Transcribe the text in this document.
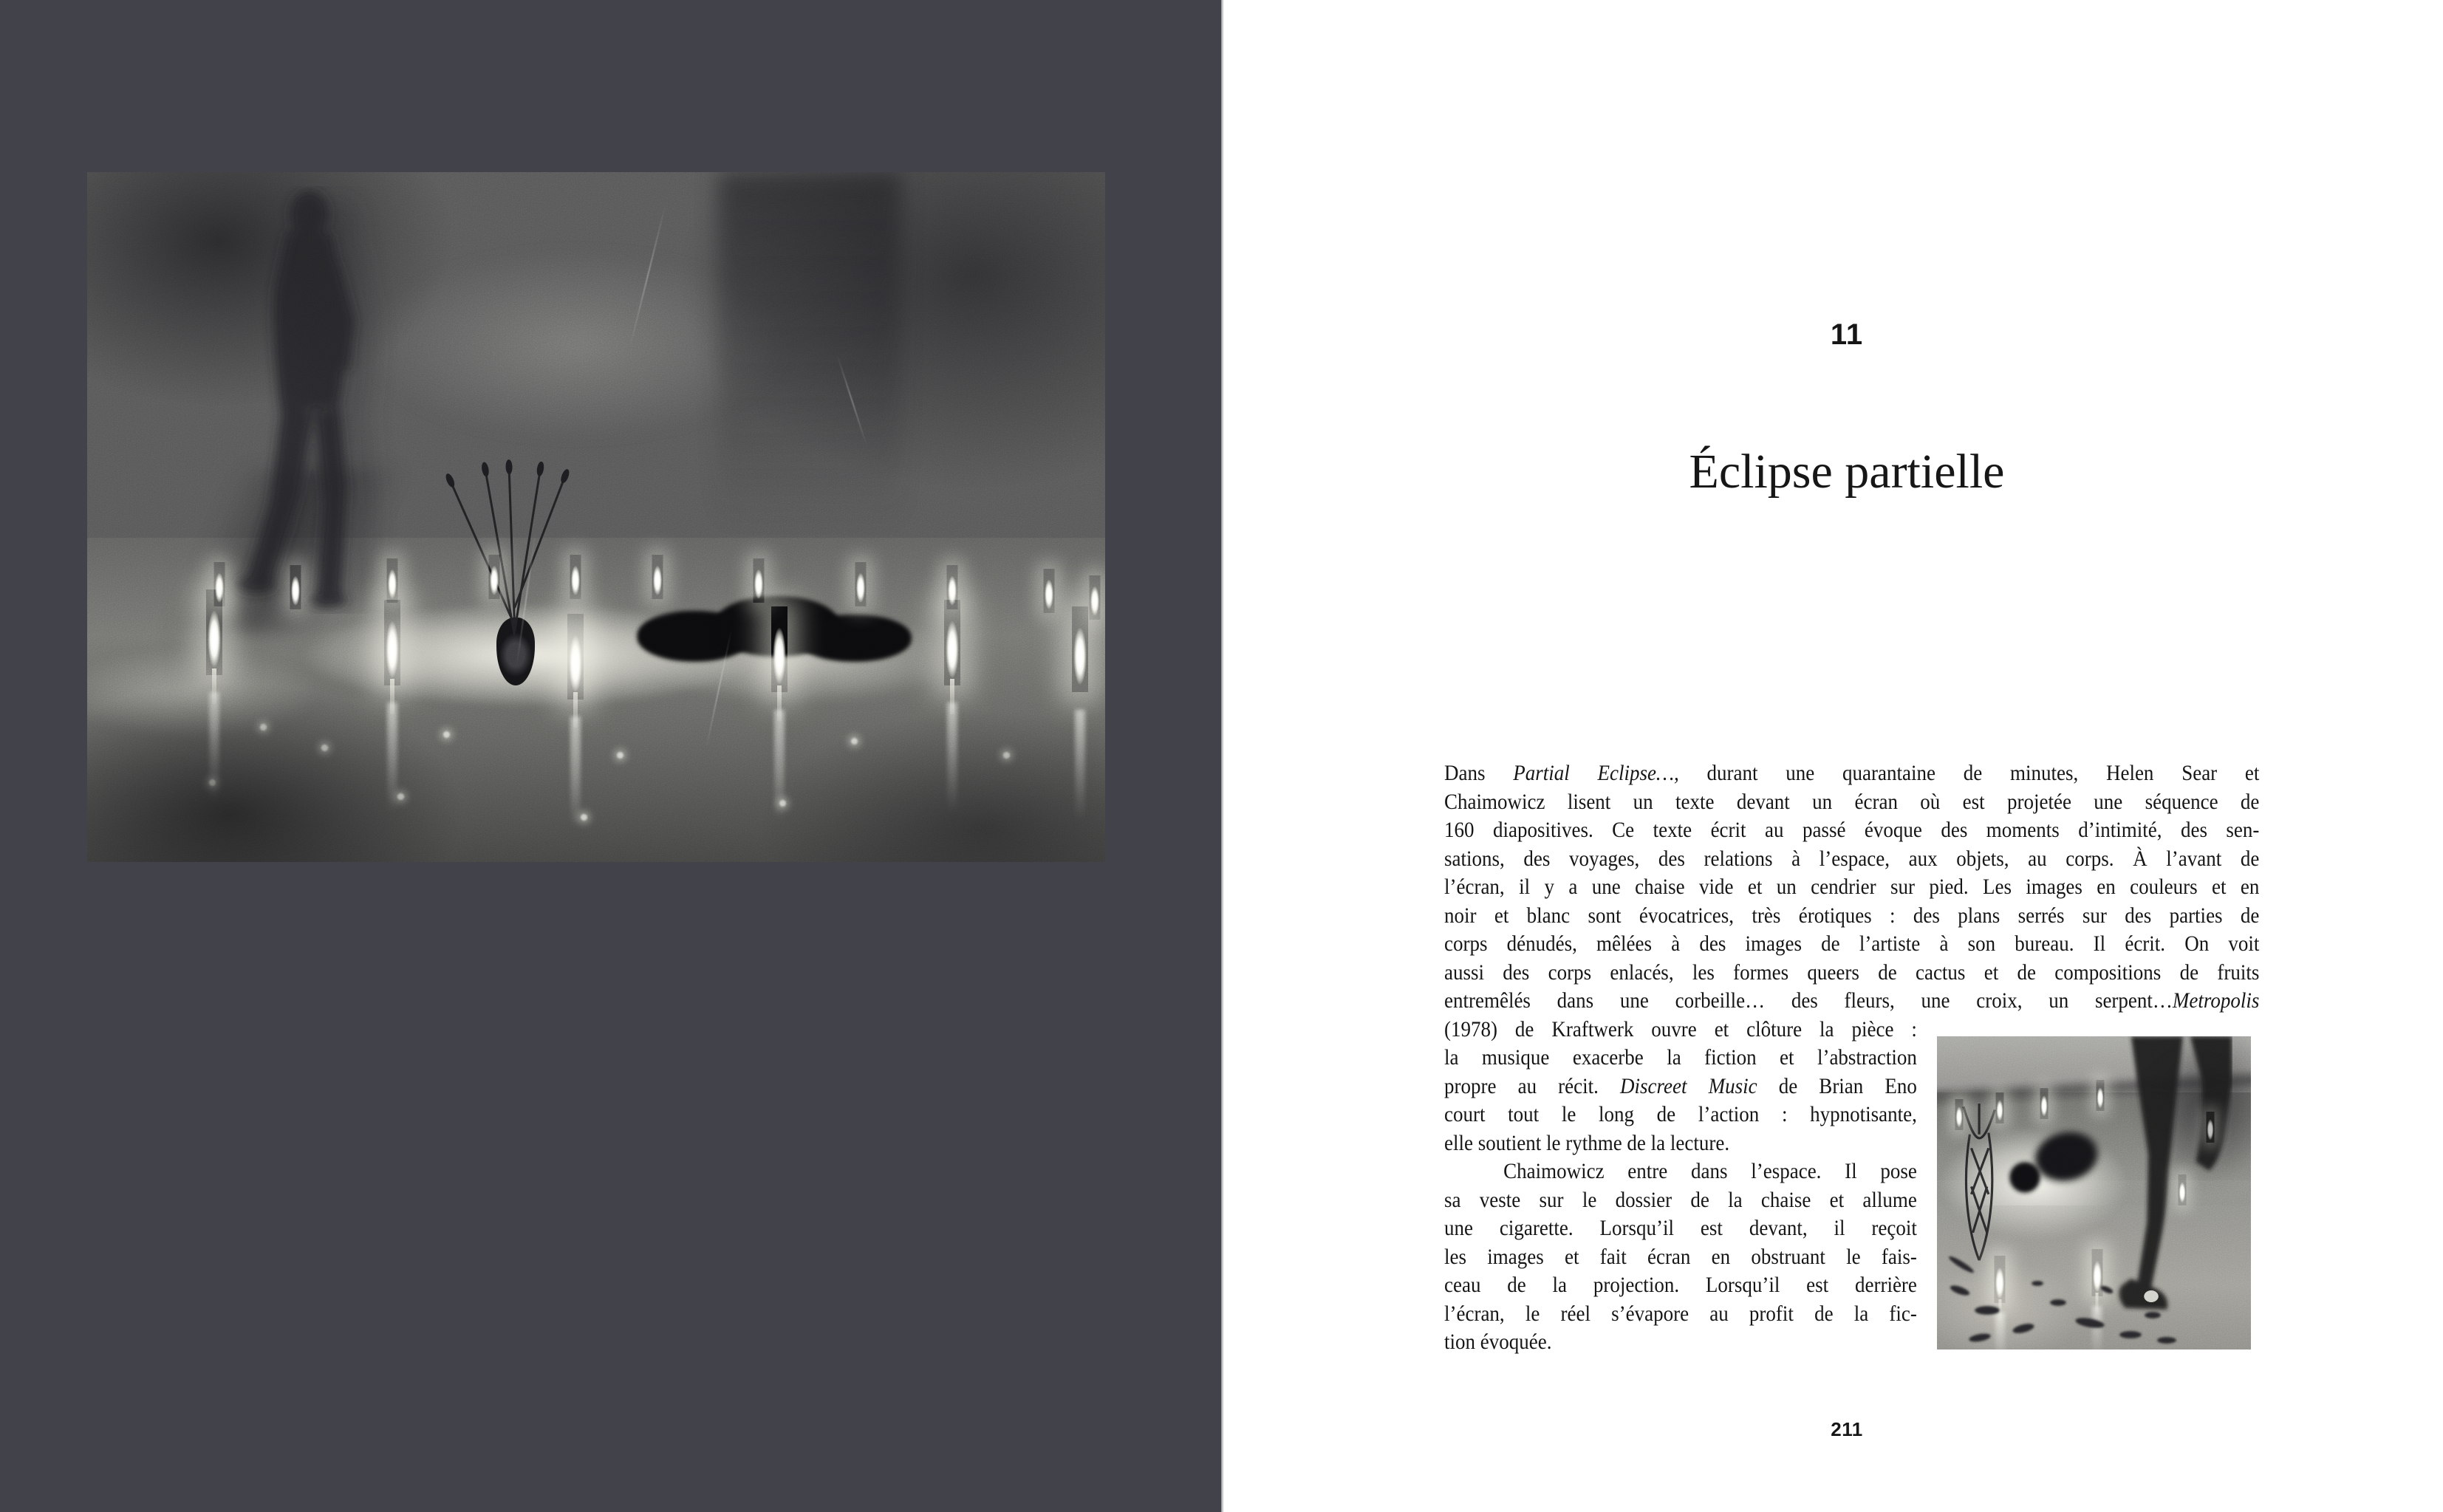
11
Éclipse partielle
Dans Partial Eclipse…, durant une quarantaine de minutes, Helen Sear et
Chaimowicz lisent un texte devant un écran où est projetée une séquence de
160 diapositives. Ce texte écrit au passé évoque des moments d’intimité, des sen-
sations, des voyages, des relations à l’espace, aux objets, au corps. À l’avant de
l’écran, il y a une chaise vide et un cendrier sur pied. Les images en couleurs et en
noir et blanc sont évocatrices, très érotiques : des plans serrés sur des parties de
corps dénudés, mêlées à des images de l’artiste à son bureau. Il écrit. On voit
aussi des corps enlacés, les formes queers de cactus et de compositions de fruits
entremêlés dans une corbeille… des fleurs, une croix, un serpent…Metropolis
(1978) de Kraftwerk ouvre et clôture la pièce :
la musique exacerbe la fiction et l’abstraction
propre au récit. Discreet Music de Brian Eno
court tout le long de l’action : hypnotisante,
elle soutient le rythme de la lecture.
Chaimowicz entre dans l’espace. Il pose
sa veste sur le dossier de la chaise et allume
une cigarette. Lorsqu’il est devant, il reçoit
les images et fait écran en obstruant le fais-
ceau de la projection. Lorsqu’il est derrière
l’écran, le réel s’évapore au profit de la fic-
tion évoquée.
211
